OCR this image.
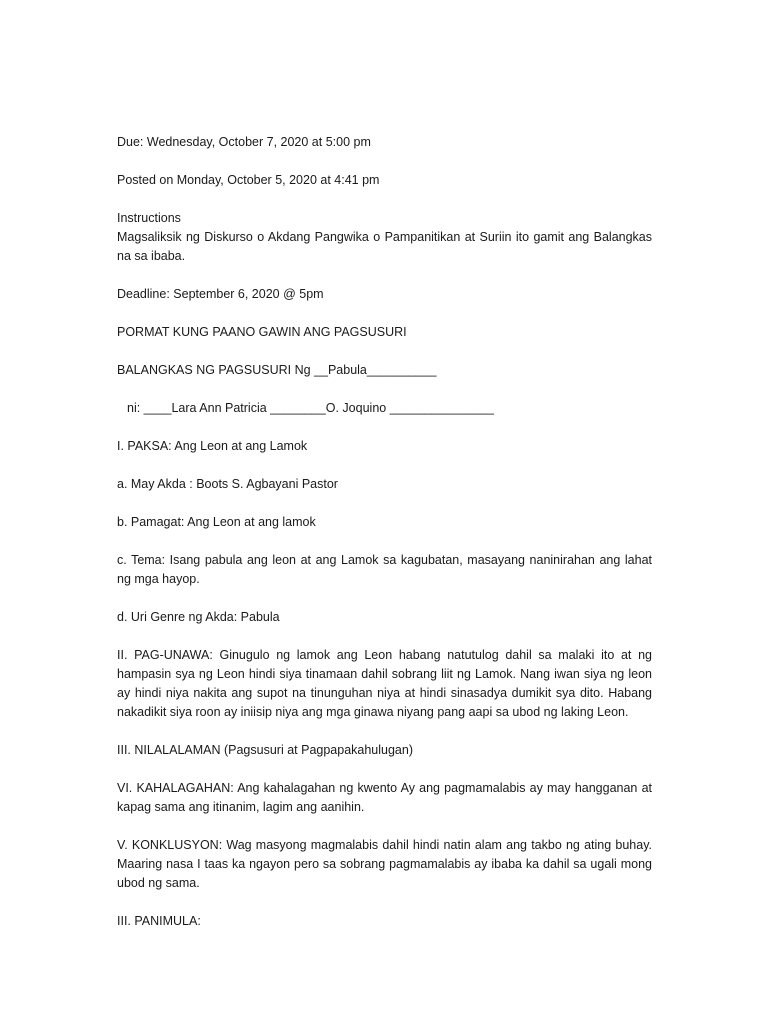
Due: Wednesday, October 7, 2020 at 5:00 pm

Posted on Monday, October 5, 2020 at 4:41 pm

Instructions
Magsaliksik ng Diskurso o Akdang Pangwika o Pampanitikan at Suriin ito gamit ang Balangkas na sa ibaba.

Deadline: September 6, 2020 @ 5pm

PORMAT KUNG PAANO GAWIN ANG PAGSUSURI

BALANGKAS NG PAGSUSURI Ng __Pabula__________

ni: ____Lara Ann Patricia ________O. Joquino _______________

I. PAKSA: Ang Leon at ang Lamok

a. May Akda : Boots S. Agbayani Pastor

b. Pamagat: Ang Leon at ang lamok

c. Tema: Isang pabula ang leon at ang Lamok sa kagubatan, masayang naninirahan ang lahat ng mga hayop.

d. Uri Genre ng Akda: Pabula

II. PAG-UNAWA: Ginugulo ng lamok ang Leon habang natutulog dahil sa malaki ito at ng hampasin sya ng Leon hindi siya tinamaan dahil sobrang liit ng Lamok. Nang iwan siya ng leon ay hindi niya nakita ang supot na tinunguhan niya at hindi sinasadya dumikit sya dito. Habang nakadikit siya roon ay iniisip niya ang mga ginawa niyang pang aapi sa ubod ng laking Leon.

III. NILALALAMAN (Pagsusuri at Pagpapakahulugan)

VI. KAHALAGAHAN: Ang kahalagahan ng kwento Ay ang pagmamalabis ay may hangganan at kapag sama ang itinanim, lagim ang aanihin.

V. KONKLUSYON: Wag masyong magmalabis dahil hindi natin alam ang takbo ng ating buhay. Maaring nasa I taas ka ngayon pero sa sobrang pagmamalabis ay ibaba ka dahil sa ugali mong ubod ng sama.

III. PANIMULA:
